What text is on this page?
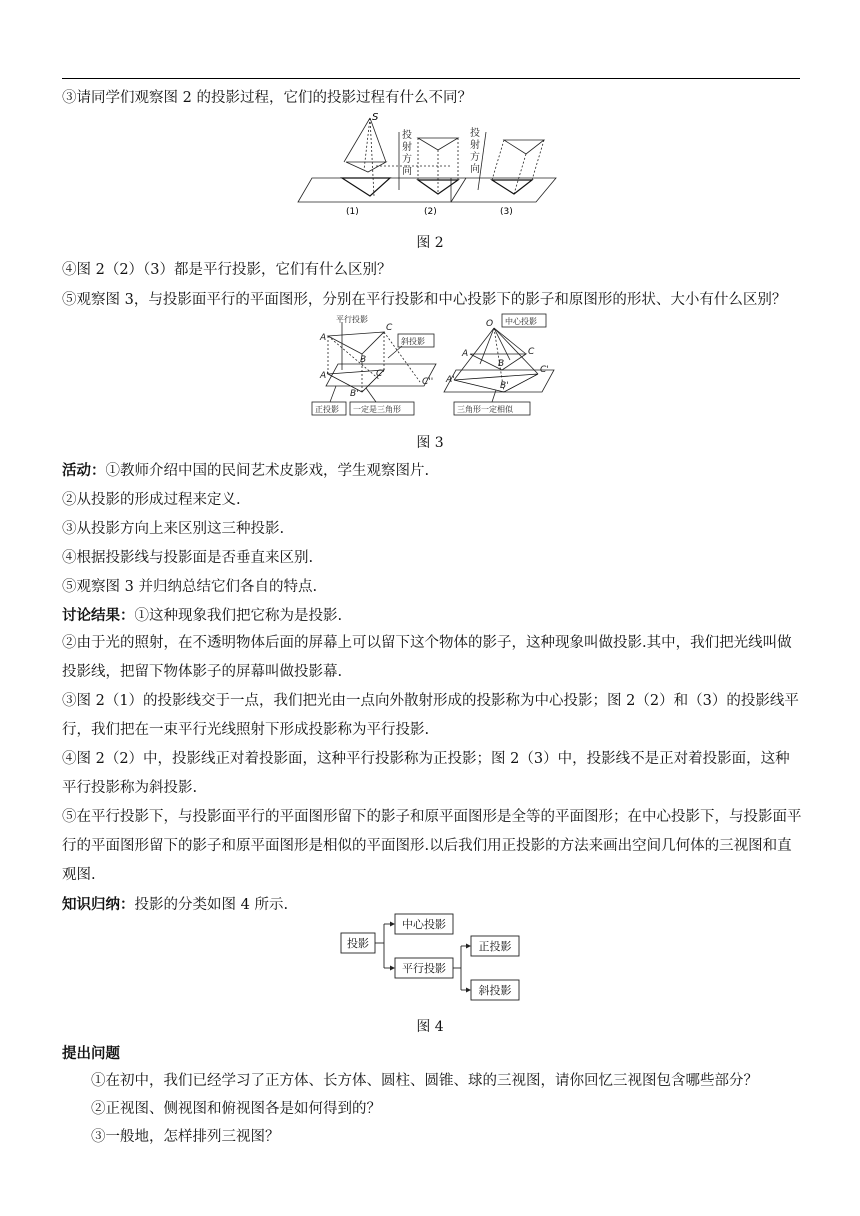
③请同学们观察图 2 的投影过程，它们的投影过程有什么不同？
S
投
射
方
向
投
射
方
向
(1)	(2)	(3)
图 2
④图 2（2）（3）都是平行投影，它们有什么区别？
⑤观察图 3，与投影面平行的平面图形，分别在平行投影和中心投影下的影子和原图形的形状、大小有什么区别？
平行投影
斜投影
正投影 一定是三角形
中心投影
三角形一定相似
A
B
C
A'
B'
C'
C''
O
A
B
C
A'
B'
C'
图 3
活动：①教师介绍中国的民间艺术皮影戏，学生观察图片.
②从投影的形成过程来定义.
③从投影方向上来区别这三种投影.
④根据投影线与投影面是否垂直来区别.
⑤观察图 3 并归纳总结它们各自的特点.
讨论结果：①这种现象我们把它称为是投影.
②由于光的照射，在不透明物体后面的屏幕上可以留下这个物体的影子，这种现象叫做投影.其中，我们把光线叫做投影线，把留下物体影子的屏幕叫做投影幕.
③图 2（1）的投影线交于一点，我们把光由一点向外散射形成的投影称为中心投影；图 2（2）和（3）的投影线平行，我们把在一束平行光线照射下形成投影称为平行投影.
④图 2（2）中，投影线正对着投影面，这种平行投影称为正投影；图 2（3）中，投影线不是正对着投影面，这种平行投影称为斜投影.
⑤在平行投影下，与投影面平行的平面图形留下的影子和原平面图形是全等的平面图形；在中心投影下，与投影面平行的平面图形留下的影子和原平面图形是相似的平面图形.以后我们用正投影的方法来画出空间几何体的三视图和直观图.
知识归纳：投影的分类如图 4 所示.
投影
中心投影
平行投影
正投影
斜投影
图 4
提出问题
①在初中，我们已经学习了正方体、长方体、圆柱、圆锥、球的三视图，请你回忆三视图包含哪些部分？
②正视图、侧视图和俯视图各是如何得到的？
③一般地，怎样排列三视图？
